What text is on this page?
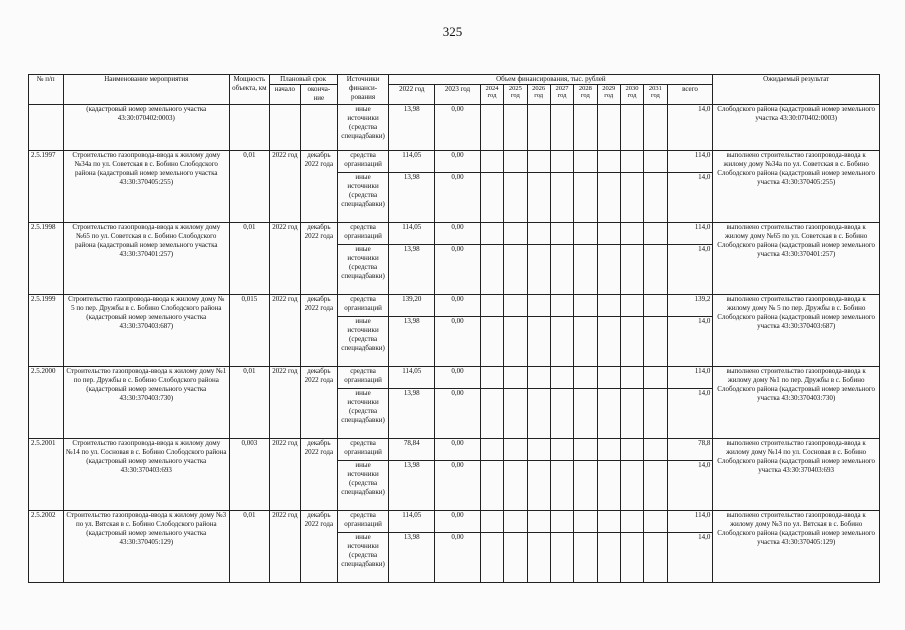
325
№ п/п	Наименование мероприятия	Мощность объекта, км	Плановый срок		Источники финанси- рования	Объем финансирования, тыс. рублей											Ожидаемый результат
			начало	оконча- ние		2022 год	2023 год	2024 год	2025 год	2026 год	2027 год	2028 год	2029 год	2030 год	2031 год	всего	
	(кадастровый номер земельного участка 43:30:070402:0003)				иные источники (средства спецнадбавки)	13,98	0,00									14,0	Слободского района (кадастровый номер земельного участка 43:30:070402:0003)
2.5.1997	Строительство газопровода-ввода к жилому дому №34а по ул. Советская в с. Бобино Слободского района (кадастровый номер земельного участка 43:30:370405:255)	0,01	2022 год	декабрь 2022 года	средства организаций	114,05	0,00									114,0	выполнено строительство газопровода-ввода к жилому дому №34а по ул. Советская в с. Бобино Слободского района (кадастровый номер земельного участка 43:30:370405:255)
					иные источники (средства спецнадбавки)	13,98	0,00									14,0	
2.5.1998	Строительство газопровода-ввода к жилому дому №65 по ул. Советская в с. Бобино Слободского района (кадастровый номер земельного участка 43:30:370401:257)	0,01	2022 год	декабрь 2022 года	средства организаций	114,05	0,00									114,0	выполнено строительство газопровода-ввода к жилому дому №65 по ул. Советская в с. Бобино Слободского района (кадастровый номер земельного участка 43:30:370401:257)
					иные источники (средства спецнадбавки)	13,98	0,00									14,0	
2.5.1999	Строительство газопровода-ввода к жилому дому № 5 по пер. Дружбы в с. Бобино Слободского района (кадастровый номер земельного участка 43:30:370403:687)	0,015	2022 год	декабрь 2022 года	средства организаций	139,20	0,00									139,2	выполнено строительство газопровода-ввода к жилому дому № 5 по пер. Дружбы в с. Бобино Слободского района (кадастровый номер земельного участка 43:30:370403:687)
					иные источники (средства спецнадбавки)	13,98	0,00									14,0	
2.5.2000	Строительство газопровода-ввода к жилому дому №1 по пер. Дружбы в с. Бобино Слободского района (кадастровый номер земельного участка 43:30:370403:730)	0,01	2022 год	декабрь 2022 года	средства организаций	114,05	0,00									114,0	выполнено строительство газопровода-ввода к жилому дому №1 по пер. Дружбы в с. Бобино Слободского района (кадастровый номер земельного участка 43:30:370403:730)
					иные источники (средства спецнадбавки)	13,98	0,00									14,0	
2.5.2001	Строительство газопровода-ввода к жилому дому №14 по ул. Сосновая в с. Бобино Слободского района (кадастровый номер земельного участка 43:30:370403:693	0,003	2022 год	декабрь 2022 года	средства организаций	78,84	0,00									78,8	выполнено строительство газопровода-ввода к жилому дому №14 по ул. Сосновая в с. Бобино Слободского района (кадастровый номер земельного участка 43:30:370403:693
					иные источники (средства спецнадбавки)	13,98	0,00									14,0	
2.5.2002	Строительство газопровода-ввода к жилому дому №3 по ул. Вятская в с. Бобино Слободского района (кадастровый номер земельного участка 43:30:370405:129)	0,01	2022 год	декабрь 2022 года	средства организаций	114,05	0,00									114,0	выполнено строительство газопровода-ввода к жилому дому №3 по ул. Вятская в с. Бобино Слободского района (кадастровый номер земельного участка 43:30:370405:129)
					иные источники (средства спецнадбавки)	13,98	0,00									14,0	
